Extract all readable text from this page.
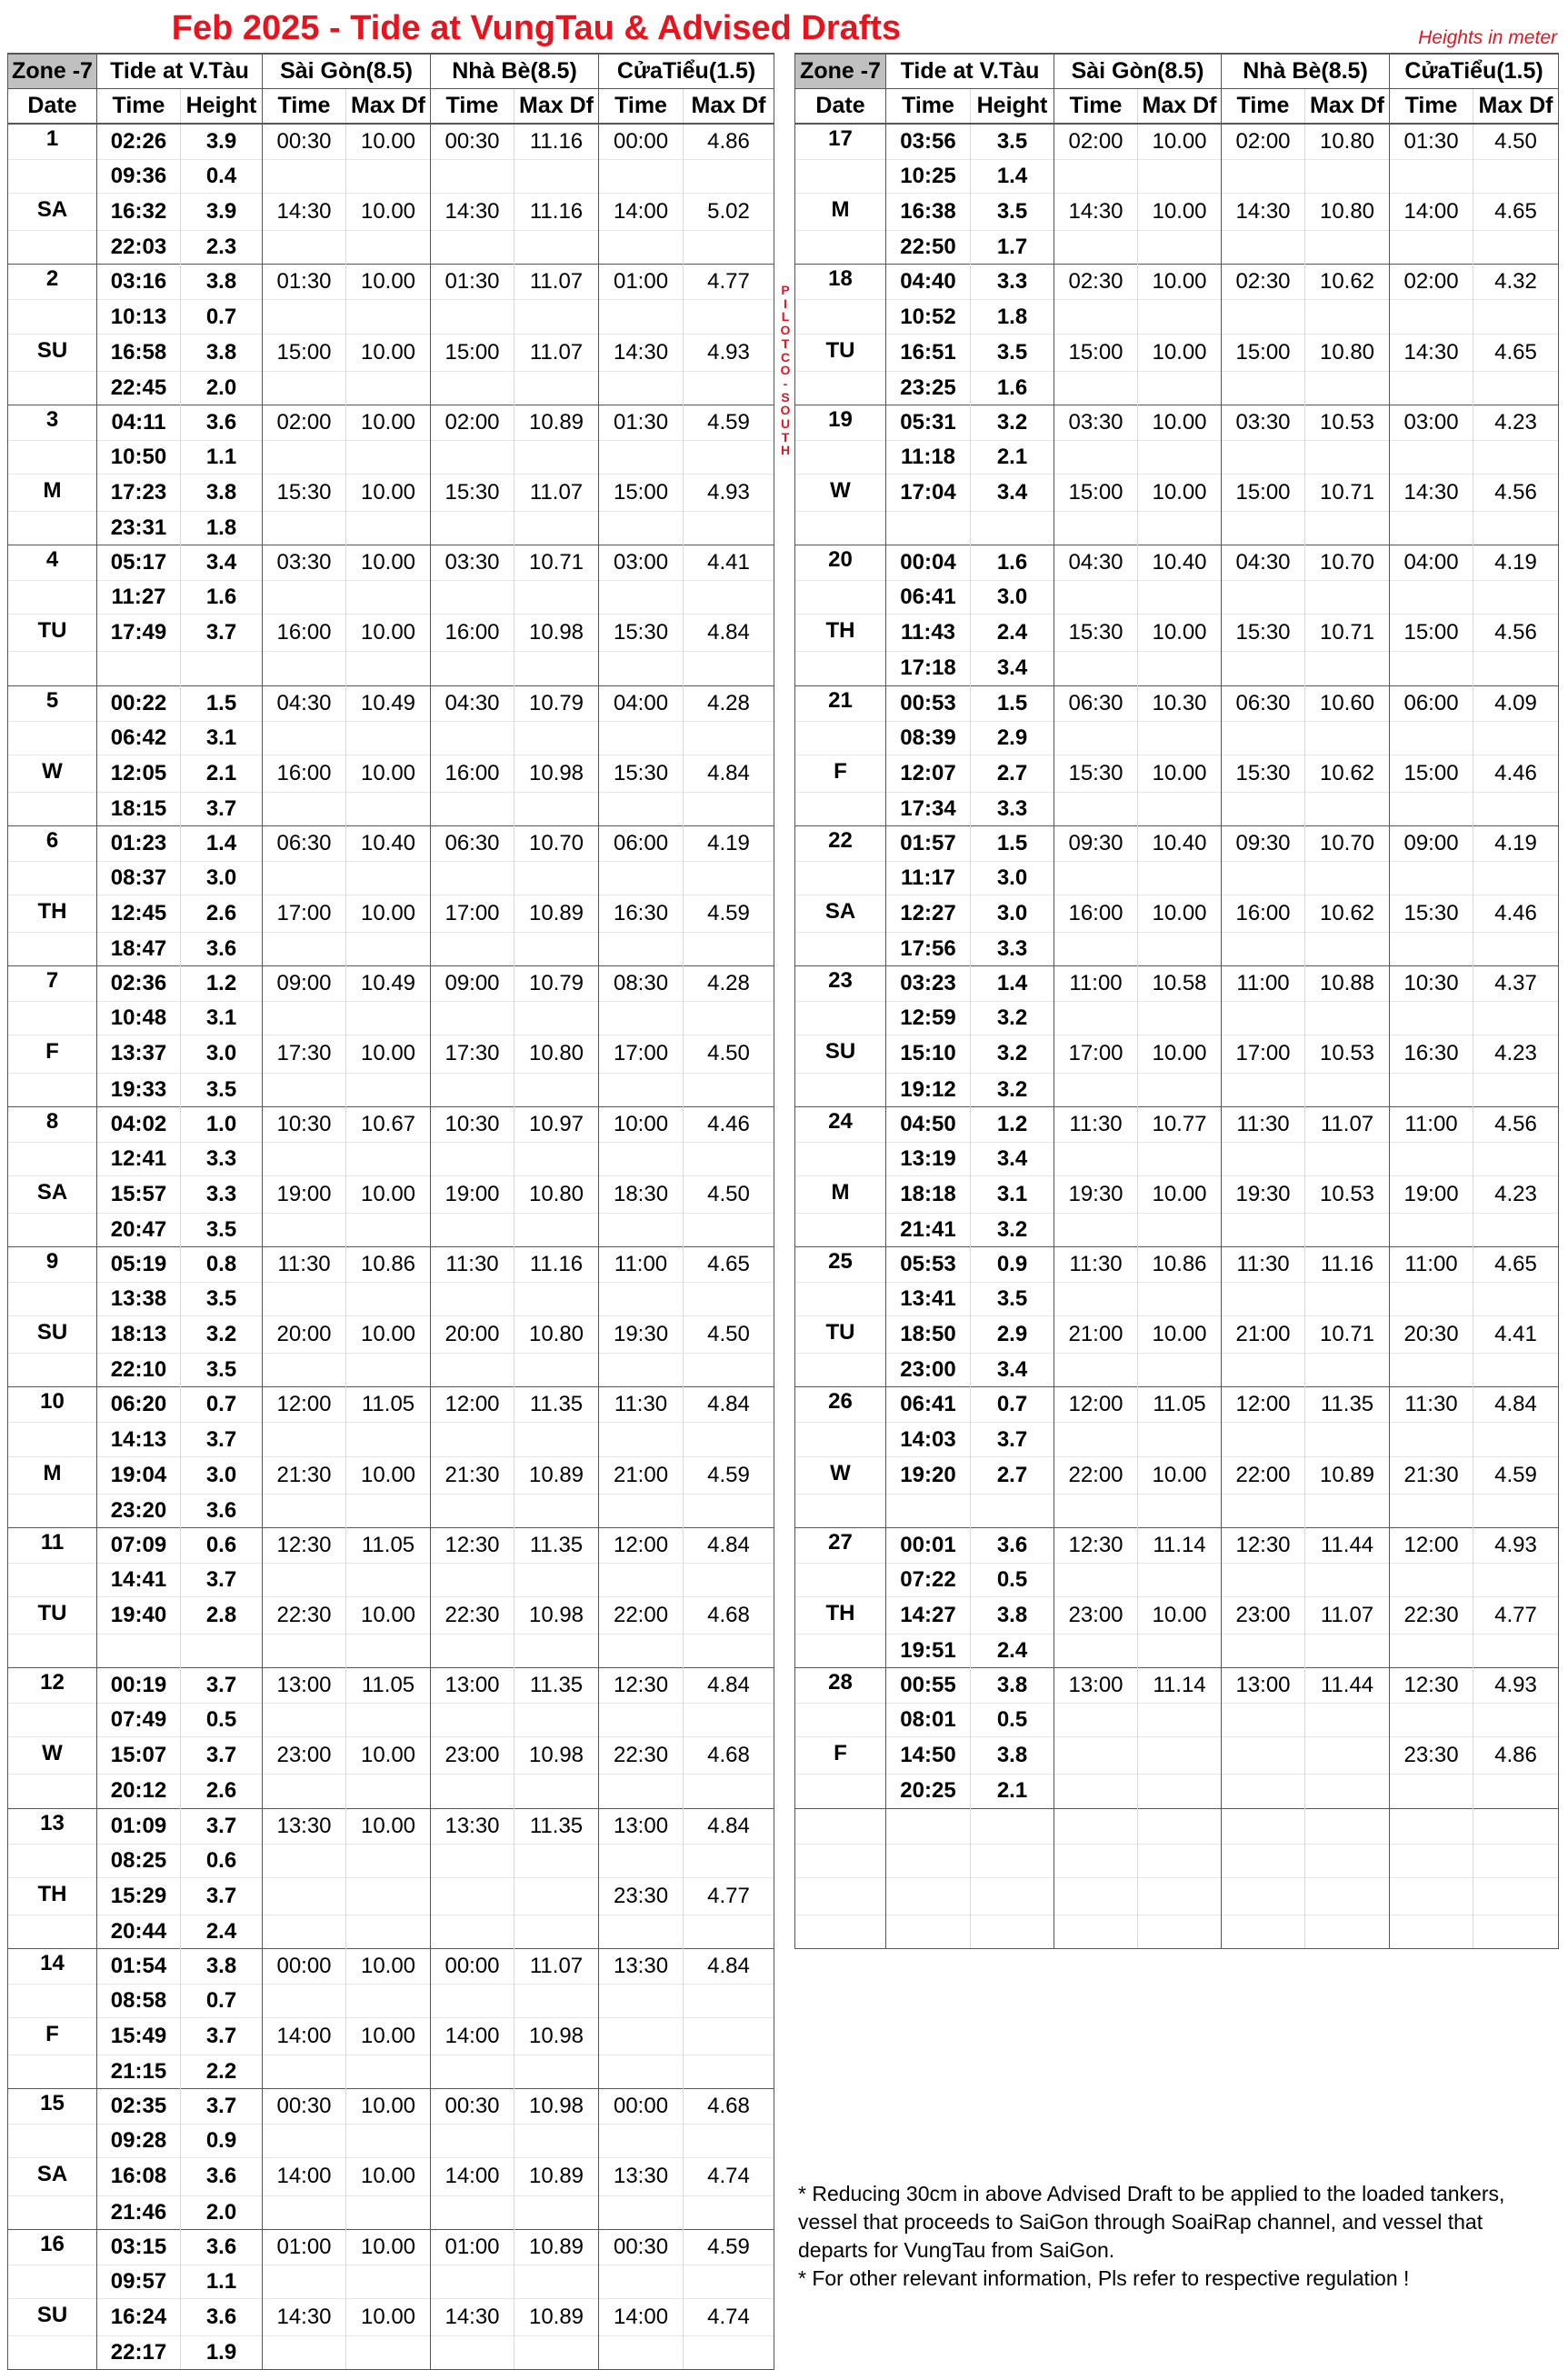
Feb 2025 - Tide at VungTau & Advised Drafts	Heights in meter
P
I
L
O
T
C
O
-
S
O
U
T
H
Zone -7	Tide at V.Tàu		Sài Gòn(8.5)		Nhà Bè(8.5)		CửaTiểu(1.5)	
Date	Time	Height	Time	Max Df	Time	Max Df	Time	Max Df
1	02:26	3.9	00:30	10.00	00:30	11.16	00:00	4.86
	09:36	0.4						
SA	16:32	3.9	14:30	10.00	14:30	11.16	14:00	5.02
	22:03	2.3						
2	03:16	3.8	01:30	10.00	01:30	11.07	01:00	4.77
	10:13	0.7						
SU	16:58	3.8	15:00	10.00	15:00	11.07	14:30	4.93
	22:45	2.0						
3	04:11	3.6	02:00	10.00	02:00	10.89	01:30	4.59
	10:50	1.1						
M	17:23	3.8	15:30	10.00	15:30	11.07	15:00	4.93
	23:31	1.8						
4	05:17	3.4	03:30	10.00	03:30	10.71	03:00	4.41
	11:27	1.6						
TU	17:49	3.7	16:00	10.00	16:00	10.98	15:30	4.84

5	00:22	1.5	04:30	10.49	04:30	10.79	04:00	4.28
	06:42	3.1						
W	12:05	2.1	16:00	10.00	16:00	10.98	15:30	4.84
	18:15	3.7						
6	01:23	1.4	06:30	10.40	06:30	10.70	06:00	4.19
	08:37	3.0						
TH	12:45	2.6	17:00	10.00	17:00	10.89	16:30	4.59
	18:47	3.6						
7	02:36	1.2	09:00	10.49	09:00	10.79	08:30	4.28
	10:48	3.1						
F	13:37	3.0	17:30	10.00	17:30	10.80	17:00	4.50
	19:33	3.5						
8	04:02	1.0	10:30	10.67	10:30	10.97	10:00	4.46
	12:41	3.3						
SA	15:57	3.3	19:00	10.00	19:00	10.80	18:30	4.50
	20:47	3.5						
9	05:19	0.8	11:30	10.86	11:30	11.16	11:00	4.65
	13:38	3.5						
SU	18:13	3.2	20:00	10.00	20:00	10.80	19:30	4.50
	22:10	3.5						
10	06:20	0.7	12:00	11.05	12:00	11.35	11:30	4.84
	14:13	3.7						
M	19:04	3.0	21:30	10.00	21:30	10.89	21:00	4.59
	23:20	3.6						
11	07:09	0.6	12:30	11.05	12:30	11.35	12:00	4.84
	14:41	3.7						
TU	19:40	2.8	22:30	10.00	22:30	10.98	22:00	4.68

12	00:19	3.7	13:00	11.05	13:00	11.35	12:30	4.84
	07:49	0.5						
W	15:07	3.7	23:00	10.00	23:00	10.98	22:30	4.68
	20:12	2.6						
13	01:09	3.7	13:30	10.00	13:30	11.35	13:00	4.84
	08:25	0.6						
TH	15:29	3.7					23:30	4.77
	20:44	2.4						
14	01:54	3.8	00:00	10.00	00:00	11.07	13:30	4.84
	08:58	0.7						
F	15:49	3.7	14:00	10.00	14:00	10.98		
	21:15	2.2						
15	02:35	3.7	00:30	10.00	00:30	10.98	00:00	4.68
	09:28	0.9						
SA	16:08	3.6	14:00	10.00	14:00	10.89	13:30	4.74
	21:46	2.0						
16	03:15	3.6	01:00	10.00	01:00	10.89	00:30	4.59
	09:57	1.1						
SU	16:24	3.6	14:30	10.00	14:30	10.89	14:00	4.74
	22:17	1.9						
Zone -7	Tide at V.Tàu		Sài Gòn(8.5)		Nhà Bè(8.5)		CửaTiểu(1.5)	
Date	Time	Height	Time	Max Df	Time	Max Df	Time	Max Df
17	03:56	3.5	02:00	10.00	02:00	10.80	01:30	4.50
	10:25	1.4						
M	16:38	3.5	14:30	10.00	14:30	10.80	14:00	4.65
	22:50	1.7						
18	04:40	3.3	02:30	10.00	02:30	10.62	02:00	4.32
	10:52	1.8						
TU	16:51	3.5	15:00	10.00	15:00	10.80	14:30	4.65
	23:25	1.6						
19	05:31	3.2	03:30	10.00	03:30	10.53	03:00	4.23
	11:18	2.1						
W	17:04	3.4	15:00	10.00	15:00	10.71	14:30	4.56

20	00:04	1.6	04:30	10.40	04:30	10.70	04:00	4.19
	06:41	3.0						
TH	11:43	2.4	15:30	10.00	15:30	10.71	15:00	4.56
	17:18	3.4						
21	00:53	1.5	06:30	10.30	06:30	10.60	06:00	4.09
	08:39	2.9						
F	12:07	2.7	15:30	10.00	15:30	10.62	15:00	4.46
	17:34	3.3						
22	01:57	1.5	09:30	10.40	09:30	10.70	09:00	4.19
	11:17	3.0						
SA	12:27	3.0	16:00	10.00	16:00	10.62	15:30	4.46
	17:56	3.3						
23	03:23	1.4	11:00	10.58	11:00	10.88	10:30	4.37
	12:59	3.2						
SU	15:10	3.2	17:00	10.00	17:00	10.53	16:30	4.23
	19:12	3.2						
24	04:50	1.2	11:30	10.77	11:30	11.07	11:00	4.56
	13:19	3.4						
M	18:18	3.1	19:30	10.00	19:30	10.53	19:00	4.23
	21:41	3.2						
25	05:53	0.9	11:30	10.86	11:30	11.16	11:00	4.65
	13:41	3.5						
TU	18:50	2.9	21:00	10.00	21:00	10.71	20:30	4.41
	23:00	3.4						
26	06:41	0.7	12:00	11.05	12:00	11.35	11:30	4.84
	14:03	3.7						
W	19:20	2.7	22:00	10.00	22:00	10.89	21:30	4.59

27	00:01	3.6	12:30	11.14	12:30	11.44	12:00	4.93
	07:22	0.5						
TH	14:27	3.8	23:00	10.00	23:00	11.07	22:30	4.77
	19:51	2.4						
28	00:55	3.8	13:00	11.14	13:00	11.44	12:30	4.93
	08:01	0.5						
F	14:50	3.8					23:30	4.86
	20:25	2.1						

* Reducing 30cm in above Advised Draft to be applied to the loaded tankers, vessel that proceeds to SaiGon through SoaiRap channel, and vessel that departs for VungTau from SaiGon.
* For other relevant information, Pls refer to respective regulation !
